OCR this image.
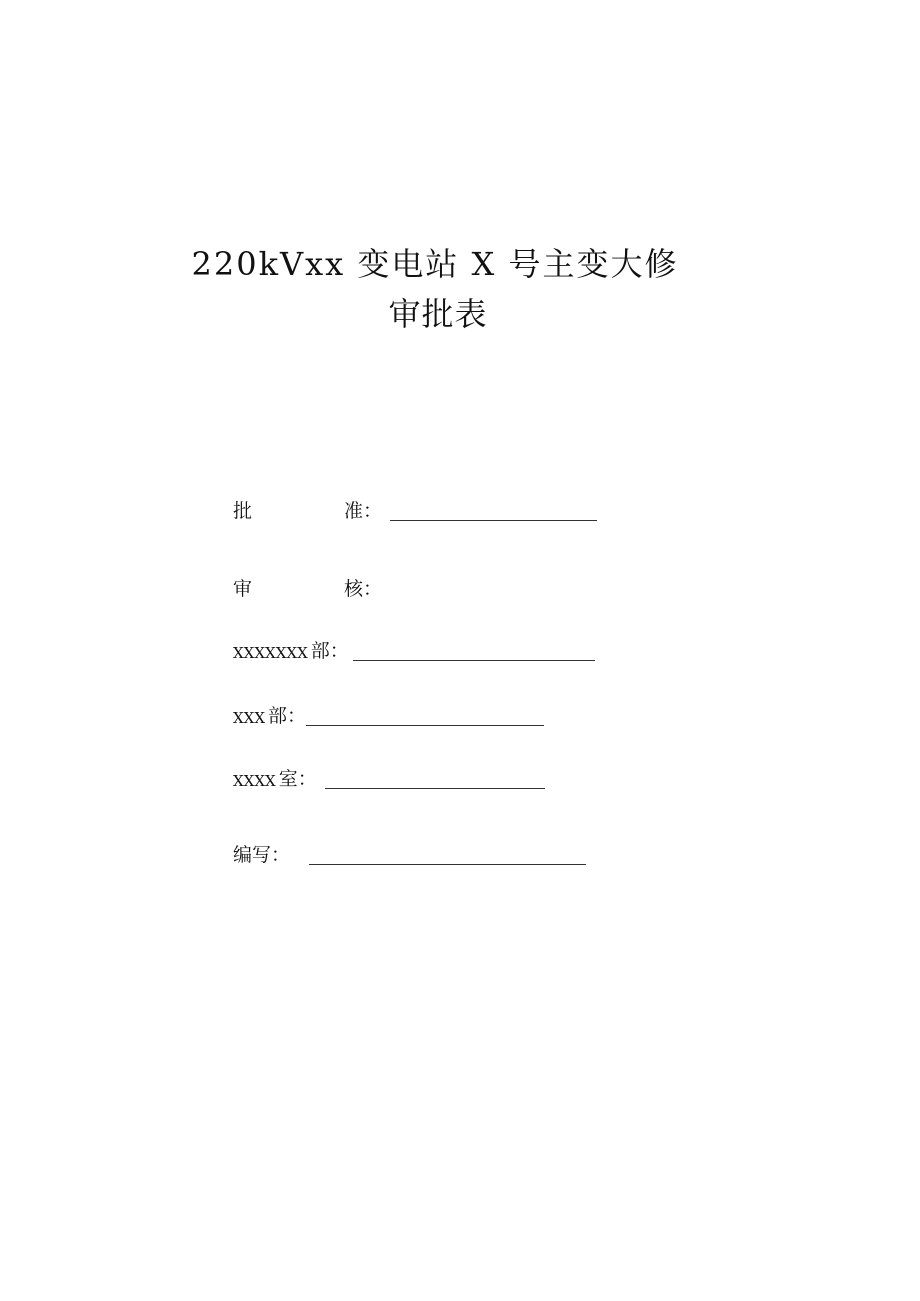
220kVxx 变电站 X 号主变大修
审批表
批	准：
审	核：
XXXXXXX 部：
XXX 部：
XXXX 室：
编写：
